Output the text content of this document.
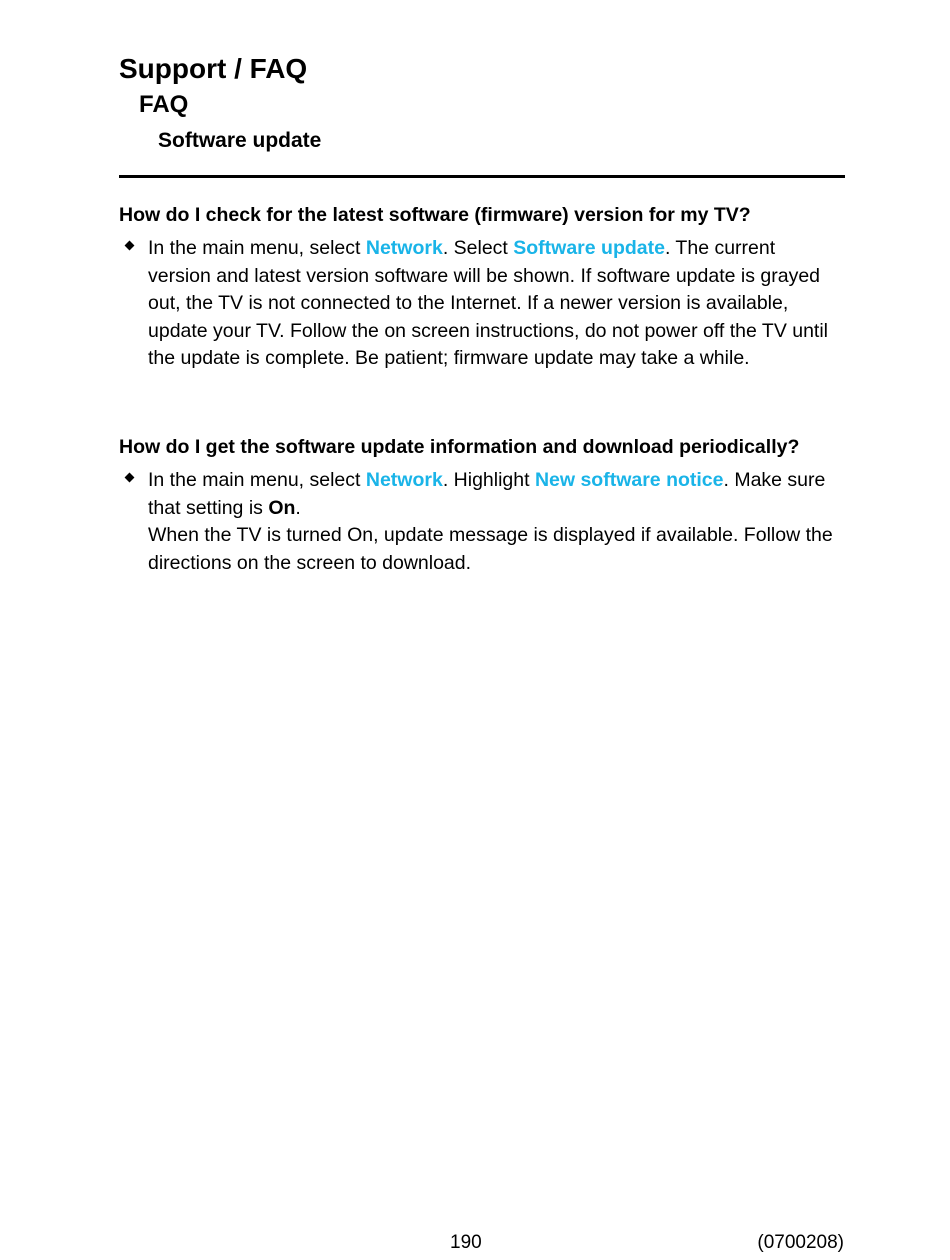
Support / FAQ
FAQ
Software update
How do I check for the latest software (firmware) version for my TV?
In the main menu, select Network. Select Software update. The current version and latest version software will be shown. If software update is grayed out, the TV is not connected to the Internet. If a newer version is available, update your TV. Follow the on screen instructions, do not power off the TV until the update is complete. Be patient; firmware update may take a while.
How do I get the software update information and download periodically?
In the main menu, select Network. Highlight New software notice. Make sure that setting is On.
When the TV is turned On, update message is displayed if available. Follow the directions on the screen to download.
190	(0700208)
